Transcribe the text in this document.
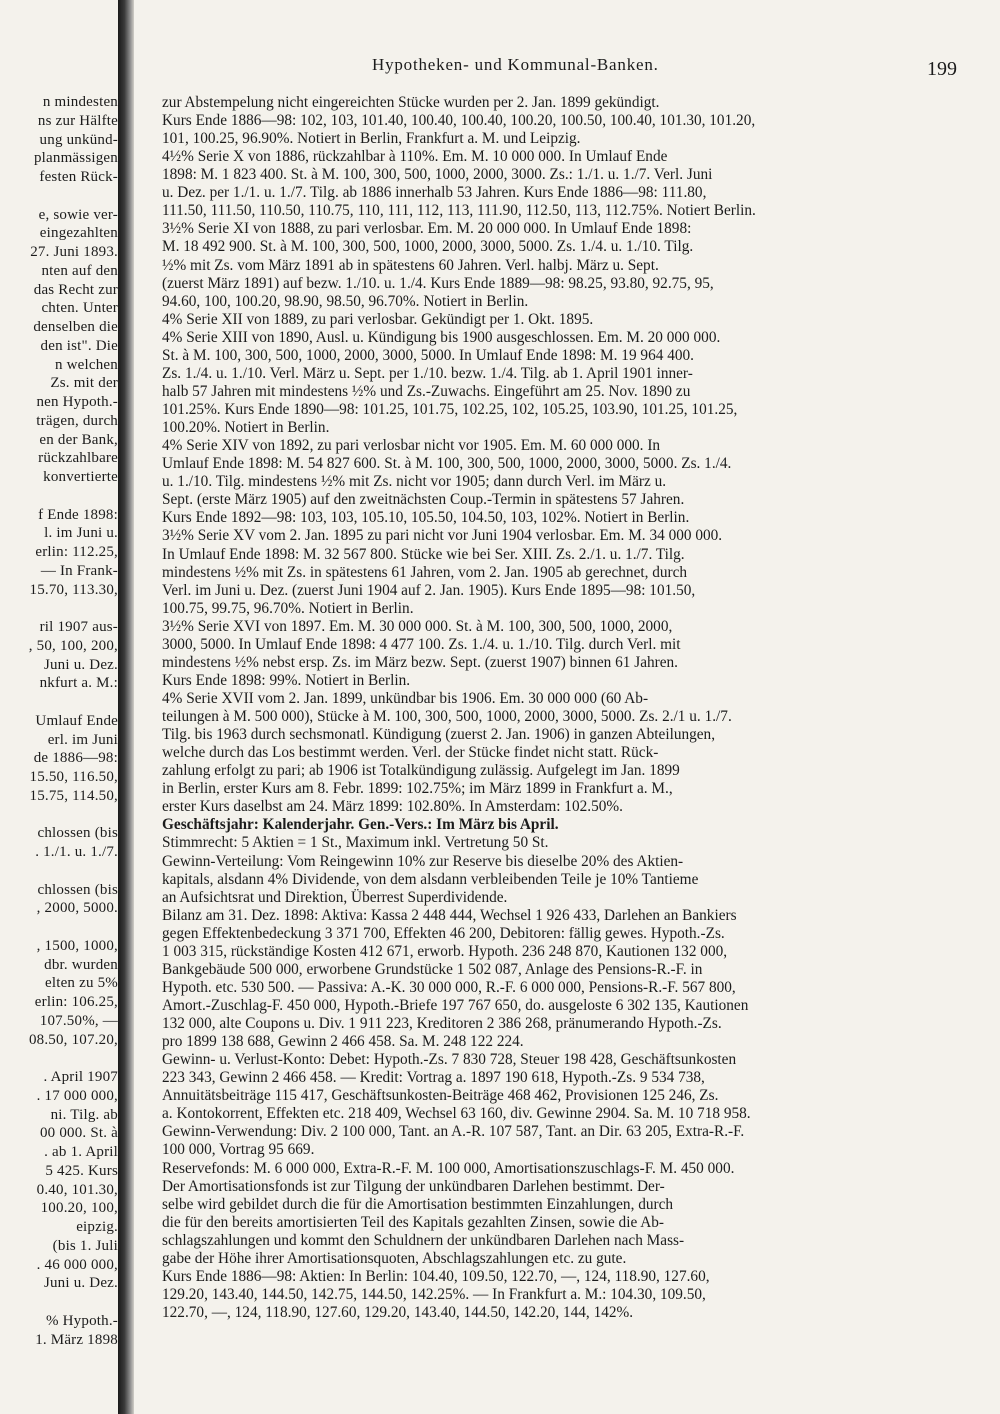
n mindesten
ns zur Hälfte
ung unkünd-
planmässigen
festen Rück-
e, sowie ver-
eingezahlten
27. Juni 1893.
nten auf den
das Recht zur
chten. Unter
denselben die
den ist". Die
n welchen
Zs. mit der
nen Hypoth.-
trägen, durch
en der Bank,
rückzahlbare
konvertierte
f Ende 1898:
l. im Juni u.
erlin: 112.25,
— In Frank-
15.70, 113.30,
ril 1907 aus-
, 50, 100, 200,
Juni u. Dez.
nkfurt a. M.:
Umlauf Ende
erl. im Juni
de 1886—98:
15.50, 116.50,
15.75, 114.50,
chlossen (bis
. 1./1. u. 1./7.
chlossen (bis
, 2000, 5000.
, 1500, 1000,
dbr. wurden
elten zu 5%
erlin: 106.25,
107.50%, —
08.50, 107.20,
. April 1907
. 17 000 000,
ni. Tilg. ab
00 000. St. à
. ab 1. April
5 425. Kurs
0.40, 101.30,
100.20, 100,
eipzig.
(bis 1. Juli
. 46 000 000,
Juni u. Dez.
% Hypoth.-
1. März 1898
Hypotheken- und Kommunal-Banken.	199
zur Abstempelung nicht eingereichten Stücke wurden per 2. Jan. 1899 gekündigt.
Kurs Ende 1886—98: 102, 103, 101.40, 100.40, 100.40, 100.20, 100.50, 100.40, 101.30, 101.20,
101, 100.25, 96.90%. Notiert in Berlin, Frankfurt a. M. und Leipzig.
4½% Serie X von 1886, rückzahlbar à 110%. Em. M. 10 000 000. In Umlauf Ende
1898: M. 1 823 400. St. à M. 100, 300, 500, 1000, 2000, 3000. Zs.: 1./1. u. 1./7. Verl. Juni
u. Dez. per 1./1. u. 1./7. Tilg. ab 1886 innerhalb 53 Jahren. Kurs Ende 1886—98: 111.80,
111.50, 111.50, 110.50, 110.75, 110, 111, 112, 113, 111.90, 112.50, 113, 112.75%. Notiert Berlin.
3½% Serie XI von 1888, zu pari verlosbar. Em. M. 20 000 000. In Umlauf Ende 1898:
M. 18 492 900. St. à M. 100, 300, 500, 1000, 2000, 3000, 5000. Zs. 1./4. u. 1./10. Tilg.
½% mit Zs. vom März 1891 ab in spätestens 60 Jahren. Verl. halbj. März u. Sept.
(zuerst März 1891) auf bezw. 1./10. u. 1./4. Kurs Ende 1889—98: 98.25, 93.80, 92.75, 95,
94.60, 100, 100.20, 98.90, 98.50, 96.70%. Notiert in Berlin.
4% Serie XII von 1889, zu pari verlosbar. Gekündigt per 1. Okt. 1895.
4% Serie XIII von 1890, Ausl. u. Kündigung bis 1900 ausgeschlossen. Em. M. 20 000 000.
St. à M. 100, 300, 500, 1000, 2000, 3000, 5000. In Umlauf Ende 1898: M. 19 964 400.
Zs. 1./4. u. 1./10. Verl. März u. Sept. per 1./10. bezw. 1./4. Tilg. ab 1. April 1901 inner-
halb 57 Jahren mit mindestens ½% und Zs.-Zuwachs. Eingeführt am 25. Nov. 1890 zu
101.25%. Kurs Ende 1890—98: 101.25, 101.75, 102.25, 102, 105.25, 103.90, 101.25, 101.25,
100.20%. Notiert in Berlin.
4% Serie XIV von 1892, zu pari verlosbar nicht vor 1905. Em. M. 60 000 000. In
Umlauf Ende 1898: M. 54 827 600. St. à M. 100, 300, 500, 1000, 2000, 3000, 5000. Zs. 1./4.
u. 1./10. Tilg. mindestens ½% mit Zs. nicht vor 1905; dann durch Verl. im März u.
Sept. (erste März 1905) auf den zweitnächsten Coup.-Termin in spätestens 57 Jahren.
Kurs Ende 1892—98: 103, 103, 105.10, 105.50, 104.50, 103, 102%. Notiert in Berlin.
3½% Serie XV vom 2. Jan. 1895 zu pari nicht vor Juni 1904 verlosbar. Em. M. 34 000 000.
In Umlauf Ende 1898: M. 32 567 800. Stücke wie bei Ser. XIII. Zs. 2./1. u. 1./7. Tilg.
mindestens ½% mit Zs. in spätestens 61 Jahren, vom 2. Jan. 1905 ab gerechnet, durch
Verl. im Juni u. Dez. (zuerst Juni 1904 auf 2. Jan. 1905). Kurs Ende 1895—98: 101.50,
100.75, 99.75, 96.70%. Notiert in Berlin.
3½% Serie XVI von 1897. Em. M. 30 000 000. St. à M. 100, 300, 500, 1000, 2000,
3000, 5000. In Umlauf Ende 1898: 4 477 100. Zs. 1./4. u. 1./10. Tilg. durch Verl. mit
mindestens ½% nebst ersp. Zs. im März bezw. Sept. (zuerst 1907) binnen 61 Jahren.
Kurs Ende 1898: 99%. Notiert in Berlin.
4% Serie XVII vom 2. Jan. 1899, unkündbar bis 1906. Em. 30 000 000 (60 Ab-
teilungen à M. 500 000), Stücke à M. 100, 300, 500, 1000, 2000, 3000, 5000. Zs. 2./1 u. 1./7.
Tilg. bis 1963 durch sechsmonatl. Kündigung (zuerst 2. Jan. 1906) in ganzen Abteilungen,
welche durch das Los bestimmt werden. Verl. der Stücke findet nicht statt. Rück-
zahlung erfolgt zu pari; ab 1906 ist Totalkündigung zulässig. Aufgelegt im Jan. 1899
in Berlin, erster Kurs am 8. Febr. 1899: 102.75%; im März 1899 in Frankfurt a. M.,
erster Kurs daselbst am 24. März 1899: 102.80%. In Amsterdam: 102.50%.
Geschäftsjahr: Kalenderjahr. Gen.-Vers.: Im März bis April.
Stimmrecht: 5 Aktien = 1 St., Maximum inkl. Vertretung 50 St.
Gewinn-Verteilung: Vom Reingewinn 10% zur Reserve bis dieselbe 20% des Aktien-
kapitals, alsdann 4% Dividende, von dem alsdann verbleibenden Teile je 10% Tantieme
an Aufsichtsrat und Direktion, Überrest Superdividende.
Bilanz am 31. Dez. 1898: Aktiva: Kassa 2 448 444, Wechsel 1 926 433, Darlehen an Bankiers
gegen Effektenbedeckung 3 371 700, Effekten 46 200, Debitoren: fällig gewes. Hypoth.-Zs.
1 003 315, rückständige Kosten 412 671, erworb. Hypoth. 236 248 870, Kautionen 132 000,
Bankgebäude 500 000, erworbene Grundstücke 1 502 087, Anlage des Pensions-R.-F. in
Hypoth. etc. 530 500. — Passiva: A.-K. 30 000 000, R.-F. 6 000 000, Pensions-R.-F. 567 800,
Amort.-Zuschlag-F. 450 000, Hypoth.-Briefe 197 767 650, do. ausgeloste 6 302 135, Kautionen
132 000, alte Coupons u. Div. 1 911 223, Kreditoren 2 386 268, pränumerando Hypoth.-Zs.
pro 1899 138 688, Gewinn 2 466 458. Sa. M. 248 122 224.
Gewinn- u. Verlust-Konto: Debet: Hypoth.-Zs. 7 830 728, Steuer 198 428, Geschäftsunkosten
223 343, Gewinn 2 466 458. — Kredit: Vortrag a. 1897 190 618, Hypoth.-Zs. 9 534 738,
Annuitätsbeiträge 115 417, Geschäftsunkosten-Beiträge 468 462, Provisionen 125 246, Zs.
a. Kontokorrent, Effekten etc. 218 409, Wechsel 63 160, div. Gewinne 2904. Sa. M. 10 718 958.
Gewinn-Verwendung: Div. 2 100 000, Tant. an A.-R. 107 587, Tant. an Dir. 63 205, Extra-R.-F.
100 000, Vortrag 95 669.
Reservefonds: M. 6 000 000, Extra-R.-F. M. 100 000, Amortisationszuschlags-F. M. 450 000.
Der Amortisationsfonds ist zur Tilgung der unkündbaren Darlehen bestimmt. Der-
selbe wird gebildet durch die für die Amortisation bestimmten Einzahlungen, durch
die für den bereits amortisierten Teil des Kapitals gezahlten Zinsen, sowie die Ab-
schlagszahlungen und kommt den Schuldnern der unkündbaren Darlehen nach Mass-
gabe der Höhe ihrer Amortisationsquoten, Abschlagszahlungen etc. zu gute.
Kurs Ende 1886—98: Aktien: In Berlin: 104.40, 109.50, 122.70, —, 124, 118.90, 127.60,
129.20, 143.40, 144.50, 142.75, 144.50, 142.25%. — In Frankfurt a. M.: 104.30, 109.50,
122.70, —, 124, 118.90, 127.60, 129.20, 143.40, 144.50, 142.20, 144, 142%.
